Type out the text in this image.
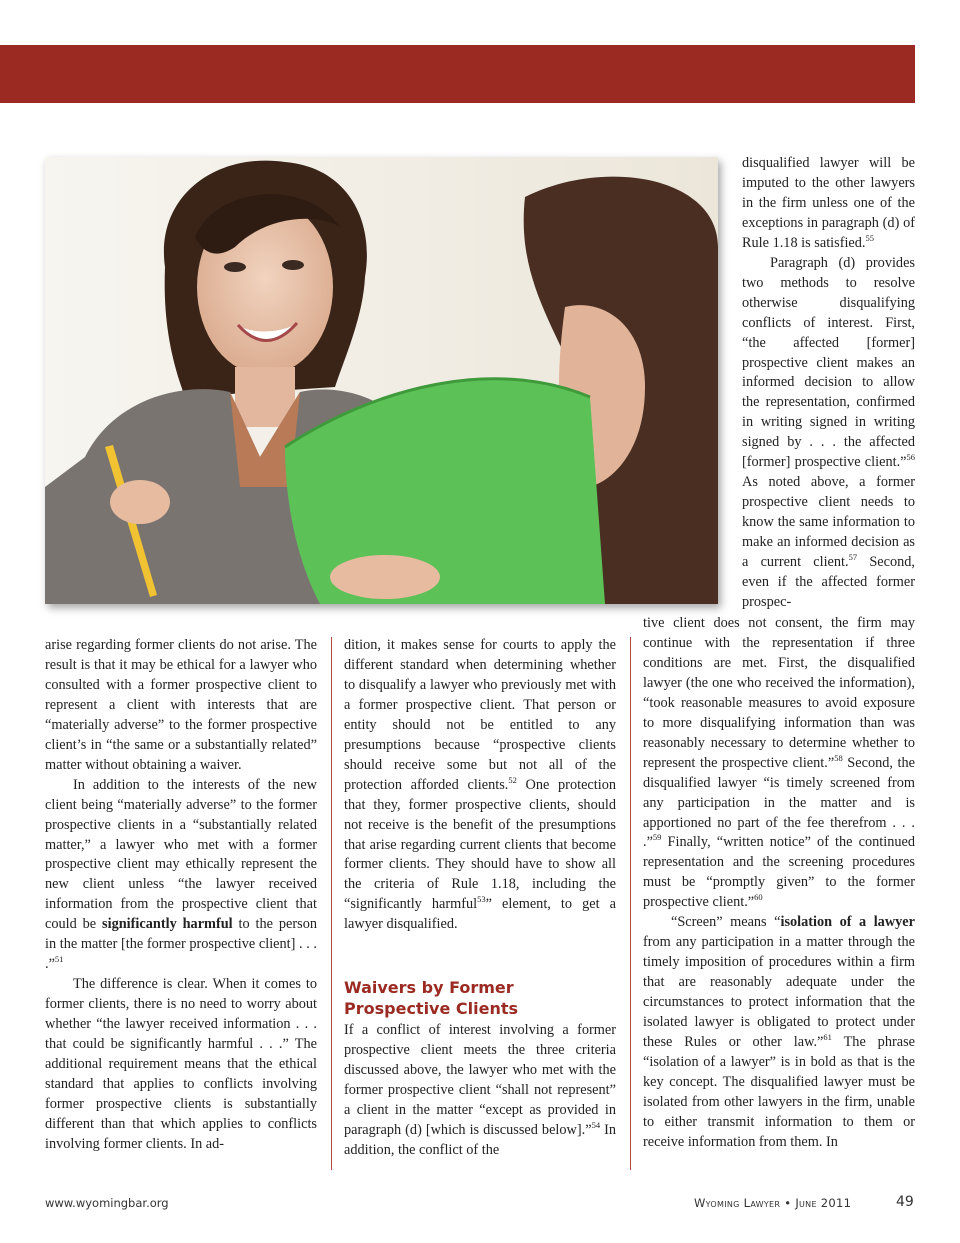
arise regarding former clients do not arise. The result is that it may be ethical for a lawyer who consulted with a former prospective client to represent a client with interests that are “materially adverse” to the former prospective client’s in “the same or a substantially related” matter without obtaining a waiver.

In addition to the interests of the new client being “materially adverse” to the former prospective clients in a “substantially related matter,” a lawyer who met with a former prospective client may ethically represent the new client unless “the lawyer received information from the prospective client that could be significantly harmful to the person in the matter [the former prospective client] . . . .”$^{51}$

The difference is clear. When it comes to former clients, there is no need to worry about whether “the lawyer received information . . . that could be significantly harmful . . .” The additional requirement means that the ethical standard that applies to conflicts involving former prospective clients is substantially different than that which applies to conflicts involving former clients. In ad-

dition, it makes sense for courts to apply the different standard when determining whether to disqualify a lawyer who previously met with a former prospective client. That person or entity should not be entitled to any presumptions because “prospective clients should receive some but not all of the protection afforded clients.$^{52}$ One protection that they, former prospective clients, should not receive is the benefit of the presumptions that arise regarding current clients that become former clients. They should have to show all the criteria of Rule 1.18, including the “significantly harmful$^{53}$” element, to get a lawyer disqualified.

Waivers by Former Prospective Clients

If a conflict of interest involving a former prospective client meets the three criteria discussed above, the lawyer who met with the former prospective client “shall not represent” a client in the matter “except as provided in paragraph (d) [which is discussed below].”$^{54}$ In addition, the conflict of the

disqualified lawyer will be imputed to the other lawyers in the firm unless one of the exceptions in paragraph (d) of Rule 1.18 is satisfied.$^{55}$

Paragraph (d) provides two methods to resolve otherwise disqualifying conflicts of interest. First, “the affected [former] prospective client makes an informed decision to allow the representation, confirmed in writing signed in writing signed by . . . the affected [former] prospective client.”$^{56}$ As noted above, a former prospective client needs to know the same information to make an informed decision as a current client.$^{57}$ Second, even if the affected former prospec-

tive client does not consent, the firm may continue with the representation if three conditions are met. First, the disqualified lawyer (the one who received the information), “took reasonable measures to avoid exposure to more disqualifying information than was reasonably necessary to determine whether to represent the prospective client.”$^{58}$ Second, the disqualified lawyer “is timely screened from any participation in the matter and is apportioned no part of the fee therefrom . . . .”$^{59}$ Finally, “written notice” of the continued representation and the screening procedures must be “promptly given” to the former prospective client.”$^{60}$

“Screen” means “isolation of a lawyer from any participation in a matter through the timely imposition of procedures within a firm that are reasonably adequate under the circumstances to protect information that the isolated lawyer is obligated to protect under these Rules or other law.”$^{61}$ The phrase “isolation of a lawyer” is in bold as that is the key concept. The disqualified lawyer must be isolated from other lawyers in the firm, unable to either transmit information to them or receive information from them. In

www.wyomingbar.org	Wyoming Lawyer • June 2011	49
